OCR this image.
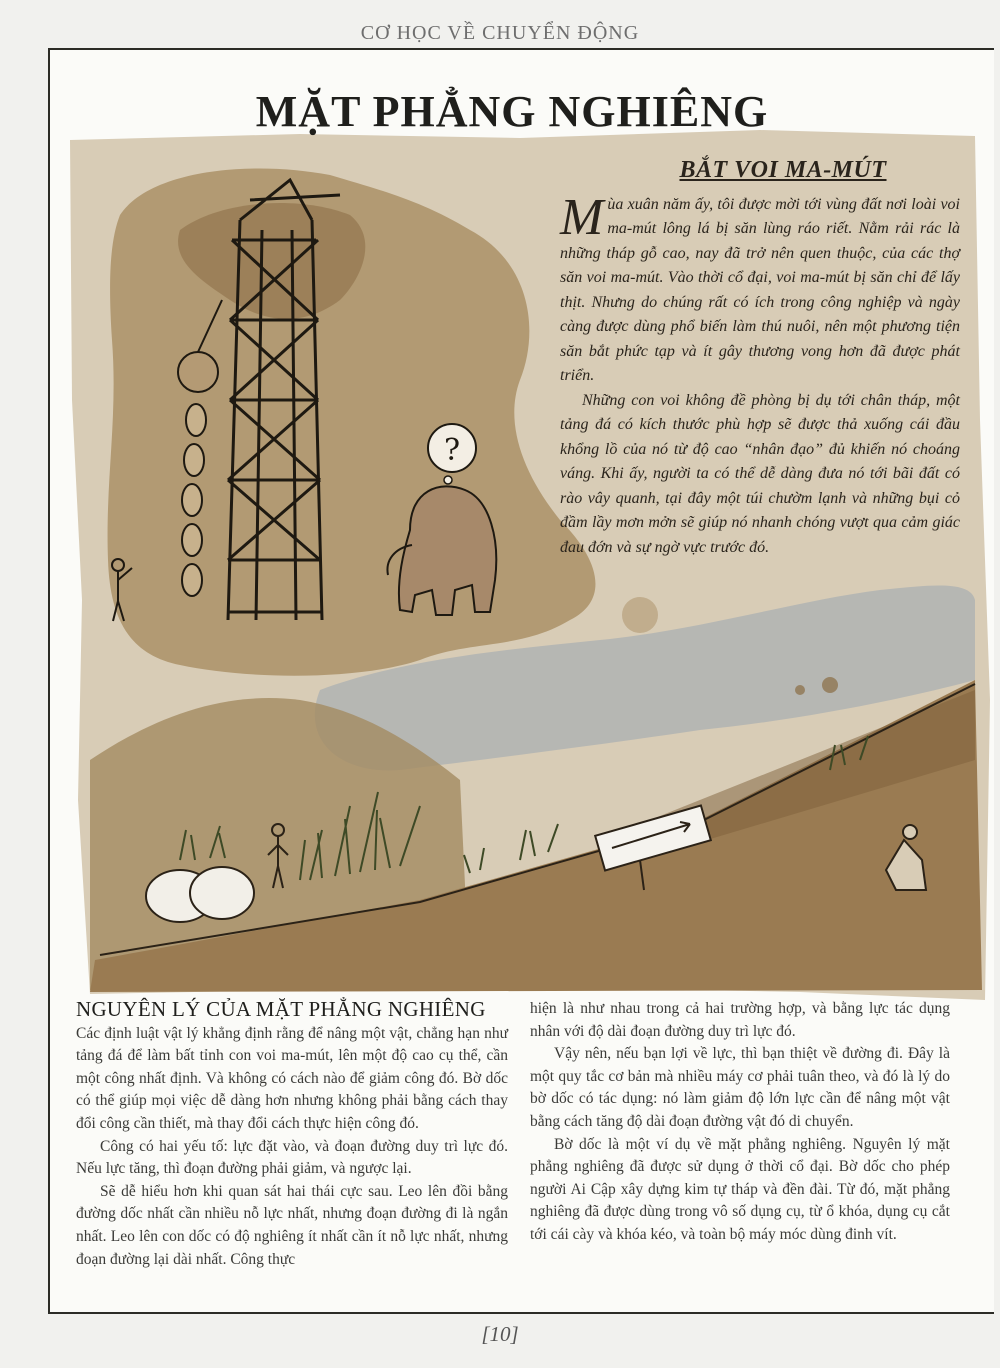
CƠ HỌC VỀ CHUYỂN ĐỘNG
?
MẶT PHẲNG NGHIÊNG
BẮT VOI MA-MÚT

Mùa xuân năm ấy, tôi được mời tới vùng đất nơi loài voi ma-mút lông lá bị săn lùng ráo riết. Nằm rải rác là những tháp gỗ cao, nay đã trở nên quen thuộc, của các thợ săn voi ma-mút. Vào thời cổ đại, voi ma-mút bị săn chỉ để lấy thịt. Nhưng do chúng rất có ích trong công nghiệp và ngày càng được dùng phổ biến làm thú nuôi, nên một phương tiện săn bắt phức tạp và ít gây thương vong hơn đã được phát triển.

Những con voi không đề phòng bị dụ tới chân tháp, một tảng đá có kích thước phù hợp sẽ được thả xuống cái đầu khổng lồ của nó từ độ cao “nhân đạo” đủ khiến nó choáng váng. Khi ấy, người ta có thể dễ dàng đưa nó tới bãi đất có rào vây quanh, tại đây một túi chườm lạnh và những bụi cỏ đầm lầy mơn mởn sẽ giúp nó nhanh chóng vượt qua cảm giác đau đớn và sự ngờ vực trước đó.

NGUYÊN LÝ CỦA MẶT PHẲNG NGHIÊNG

Các định luật vật lý khẳng định rằng để nâng một vật, chẳng hạn như tảng đá để làm bất tỉnh con voi ma-mút, lên một độ cao cụ thể, cần một công nhất định. Và không có cách nào để giảm công đó. Bờ dốc có thể giúp mọi việc dễ dàng hơn nhưng không phải bằng cách thay đổi công cần thiết, mà thay đổi cách thực hiện công đó.

Công có hai yếu tố: lực đặt vào, và đoạn đường duy trì lực đó. Nếu lực tăng, thì đoạn đường phải giảm, và ngược lại.

Sẽ dễ hiểu hơn khi quan sát hai thái cực sau. Leo lên đồi bằng đường dốc nhất cần nhiều nỗ lực nhất, nhưng đoạn đường đi là ngắn nhất. Leo lên con dốc có độ nghiêng ít nhất cần ít nỗ lực nhất, nhưng đoạn đường lại dài nhất. Công thực

hiện là như nhau trong cả hai trường hợp, và bằng lực tác dụng nhân với độ dài đoạn đường duy trì lực đó.

Vậy nên, nếu bạn lợi về lực, thì bạn thiệt về đường đi. Đây là một quy tắc cơ bản mà nhiều máy cơ phải tuân theo, và đó là lý do bờ dốc có tác dụng: nó làm giảm độ lớn lực cần để nâng một vật bằng cách tăng độ dài đoạn đường vật đó di chuyển.

Bờ dốc là một ví dụ về mặt phẳng nghiêng. Nguyên lý mặt phẳng nghiêng đã được sử dụng ở thời cổ đại. Bờ dốc cho phép người Ai Cập xây dựng kim tự tháp và đền đài. Từ đó, mặt phẳng nghiêng đã được dùng trong vô số dụng cụ, từ ổ khóa, dụng cụ cắt tới cái cày và khóa kéo, và toàn bộ máy móc dùng đinh vít.

[10]
